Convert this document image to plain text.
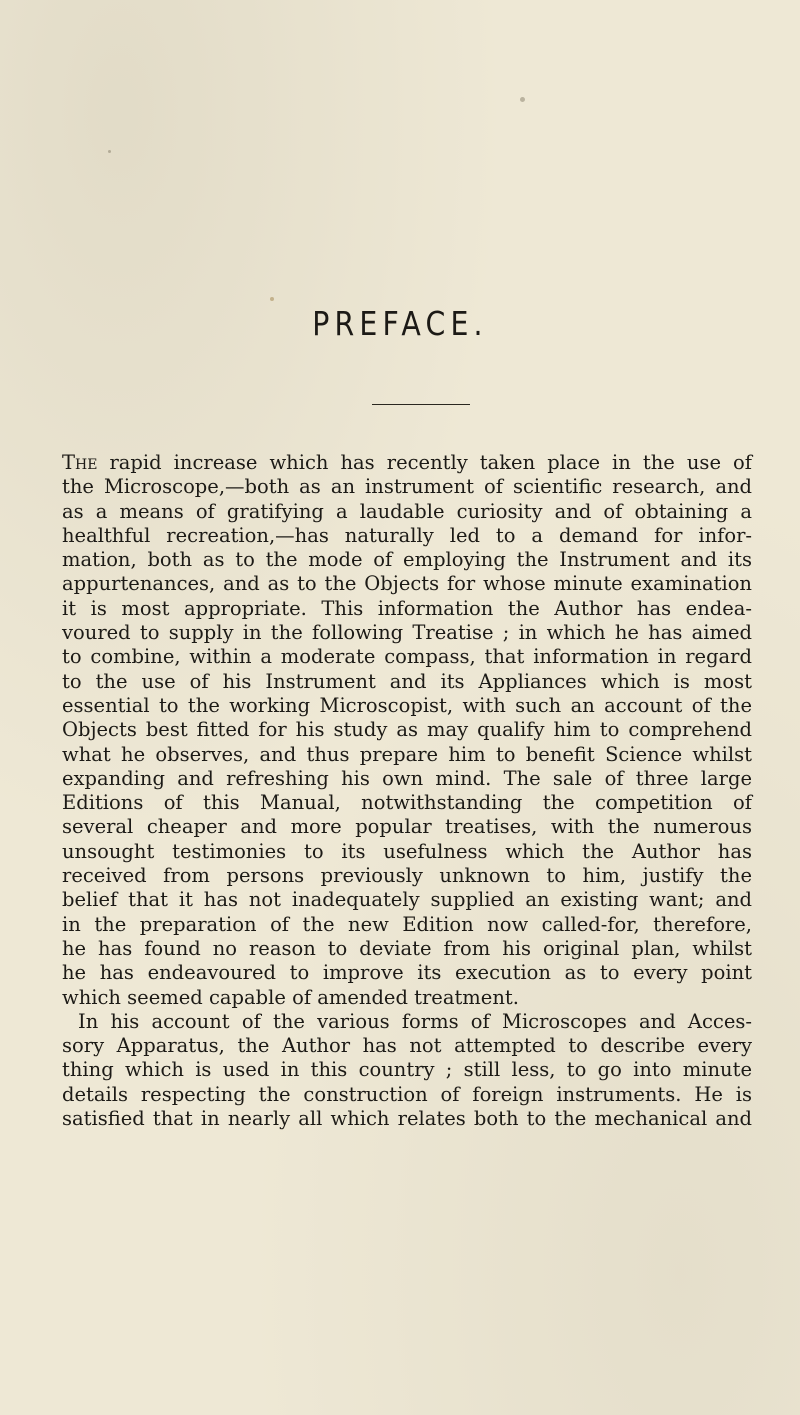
PREFACE.
The rapid increase which has recently taken place in the use of
the Microscope,—both as an instrument of scientific research, and
as a means of gratifying a laudable curiosity and of obtaining a
healthful recreation,—has naturally led to a demand for infor-
mation, both as to the mode of employing the Instrument and its
appurtenances, and as to the Objects for whose minute examination
it is most appropriate. This information the Author has endea-
voured to supply in the following Treatise ; in which he has aimed
to combine, within a moderate compass, that information in regard
to the use of his Instrument and its Appliances which is most
essential to the working Microscopist, with such an account of the
Objects best fitted for his study as may qualify him to comprehend
what he observes, and thus prepare him to benefit Science whilst
expanding and refreshing his own mind. The sale of three large
Editions of this Manual, notwithstanding the competition of
several cheaper and more popular treatises, with the numerous
unsought testimonies to its usefulness which the Author has
received from persons previously unknown to him, justify the
belief that it has not inadequately supplied an existing want; and
in the preparation of the new Edition now called-for, therefore,
he has found no reason to deviate from his original plan, whilst
he has endeavoured to improve its execution as to every point
which seemed capable of amended treatment.
In his account of the various forms of Microscopes and Acces-
sory Apparatus, the Author has not attempted to describe every
thing which is used in this country ; still less, to go into minute
details respecting the construction of foreign instruments. He is
satisfied that in nearly all which relates both to the mechanical and
